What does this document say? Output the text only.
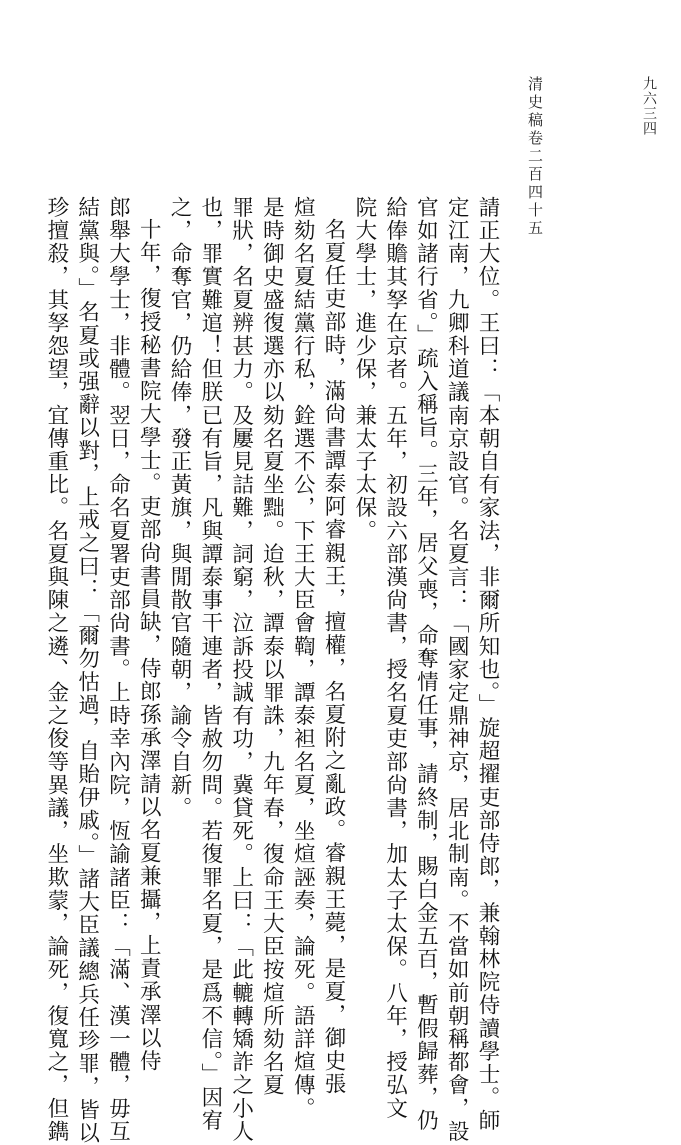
清史稿卷二百四十五	九六三四
請正大位。王曰：「本朝自有家法，非爾所知也。」旋超擢吏部侍郎，兼翰林院侍讀學士。師
定江南，九卿科道議南京設官。名夏言：「國家定鼎神京，居北制南。不當如前朝稱都會，設
官如諸行省。」疏入稱旨。三年，居父喪，命奪情任事，請終制，賜白金五百，暫假歸葬，仍
給俸贍其孥在京者。五年，初設六部漢尙書，授名夏吏部尙書，加太子太保。八年，授弘文
院大學士，進少保，兼太子太保。
名夏任吏部時，滿尙書譚泰阿睿親王，擅權，名夏附之亂政。睿親王薨，是夏，御史張
煊劾名夏結黨行私，銓選不公，下王大臣會鞫，譚泰袒名夏，坐煊誣奏，論死。語詳煊傳。
是時御史盛復選亦以劾名夏坐黜。迨秋，譚泰以罪誅，九年春，復命王大臣按煊所劾名夏
罪狀，名夏辨甚力。及屢見詰難，詞窮，泣訴投誠有功，冀貸死。上曰：「此轆轉矯詐之小人
也，罪實難逭！但朕已有旨，凡與譚泰事干連者，皆赦勿問。若復罪名夏，是爲不信。」因宥
之，命奪官，仍給俸，發正黃旗，與閒散官隨朝，諭令自新。
十年，復授秘書院大學士。吏部尙書員缺，侍郎孫承澤請以名夏兼攝，上責承澤以侍
郎舉大學士，非體。翌日，命名夏署吏部尙書。上時幸內院，恆諭諸臣：「滿、漢一體，毋互
結黨與。」名夏或强辭以對，上戒之曰：「爾勿怙過，自貽伊戚。」諸大臣議總兵任珍罪，皆以
珍擅殺，其孥怨望，宜傳重比。名夏與陳之遴、金之俊等異議，坐欺蒙，論死，復寬之，但鐫
